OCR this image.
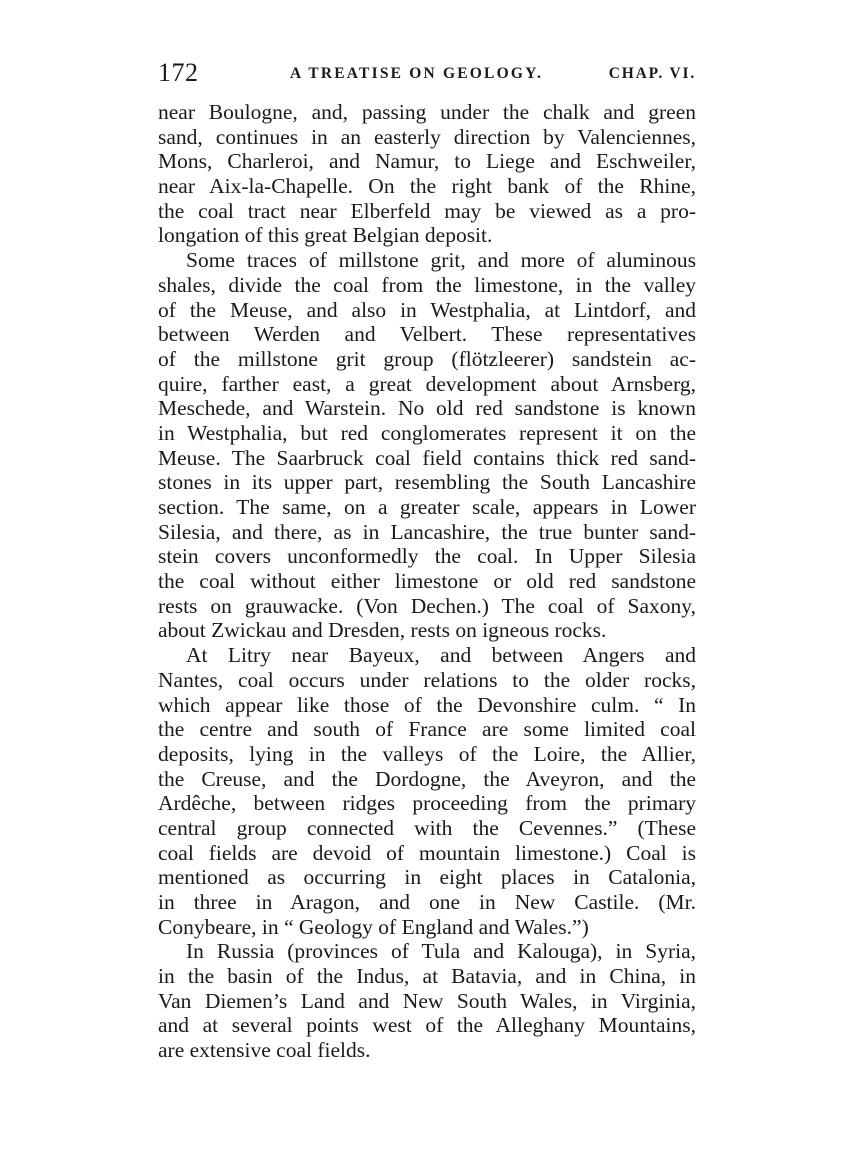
172	A TREATISE ON GEOLOGY.	CHAP. VI.
near Boulogne, and, passing under the chalk and green
sand, continues in an easterly direction by Valenciennes,
Mons, Charleroi, and Namur, to Liege and Eschweiler,
near Aix-la-Chapelle. On the right bank of the Rhine,
the coal tract near Elberfeld may be viewed as a pro-
longation of this great Belgian deposit.
Some traces of millstone grit, and more of aluminous
shales, divide the coal from the limestone, in the valley
of the Meuse, and also in Westphalia, at Lintdorf, and
between Werden and Velbert. These representatives
of the millstone grit group (flötzleerer) sandstein ac-
quire, farther east, a great development about Arnsberg,
Meschede, and Warstein. No old red sandstone is known
in Westphalia, but red conglomerates represent it on the
Meuse. The Saarbruck coal field contains thick red sand-
stones in its upper part, resembling the South Lancashire
section. The same, on a greater scale, appears in Lower
Silesia, and there, as in Lancashire, the true bunter sand-
stein covers unconformedly the coal. In Upper Silesia
the coal without either limestone or old red sandstone
rests on grauwacke. (Von Dechen.) The coal of Saxony,
about Zwickau and Dresden, rests on igneous rocks.
At Litry near Bayeux, and between Angers and
Nantes, coal occurs under relations to the older rocks,
which appear like those of the Devonshire culm. “ In
the centre and south of France are some limited coal
deposits, lying in the valleys of the Loire, the Allier,
the Creuse, and the Dordogne, the Aveyron, and the
Ardêche, between ridges proceeding from the primary
central group connected with the Cevennes.” (These
coal fields are devoid of mountain limestone.) Coal is
mentioned as occurring in eight places in Catalonia,
in three in Aragon, and one in New Castile. (Mr.
Conybeare, in “ Geology of England and Wales.”)
In Russia (provinces of Tula and Kalouga), in Syria,
in the basin of the Indus, at Batavia, and in China, in
Van Diemen’s Land and New South Wales, in Virginia,
and at several points west of the Alleghany Mountains,
are extensive coal fields.
